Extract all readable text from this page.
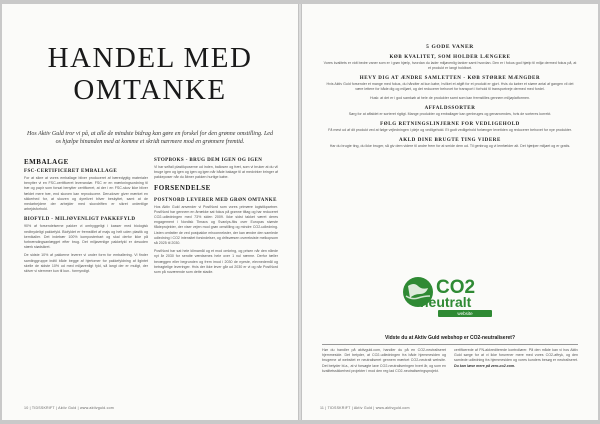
HANDEL MED OMTANKE
Hos Aktiv Guld tror vi på, at alle de mindste bidrag kan gøre en forskel for den grønne omstilling. Led os hjælpe hinanden med at komme et skridt nærmere mod en grønnere fremtid.
EMBALAGE
FSC-CERTIFICERET EMBALLAGE

For at sikre at vores emballage bliver produceret af bæredygtig materialer benytter vi en FSC-certificeret leverandør. FSC er en mærkningsordning til træ og papir som forsat benytter certificeret, at der i en FSC-skov ikke bliver fældet mere træ, end skoven kan reproducere. Derudover giver mærket en sikkerhed for, at skoven og dyrelivet bliver beskyttet, samt at de medarbejdere der arbejder med skovdriften er sikret ordentlige arbejdsforhold.

BIOFYLD - MILJØVENLIGT PAKKEFYLD

90% af forsendelserne pakker vi omhyggeligt i kasser med biologisk nedbrydeligt pakkefyld. Biofyldet er fremstillet af majs og helt uden plastik og kemikalier. Det indebær 100% komposterbart og skal derfor ikke på forbrændingsanlægget efter brug. Det miljøvenlige pakkefyld er desuden stærk stødsikret.

De sidste 10% af pakkerne leverer vi under form for emballering. Vi finder samlinggruppe indtil både begge af hjertomer for pakkefyldning af ilgintet skelle de sidste 10% ud med miljøvenligt fyld, så langt der er muligt, der skiver vi stemmer kun til kun.. formyndigt.

STOPBOKS - BRUG DEM IGEN OG IGEN

Vi har selfail plastikposerne ud inden, ballosen og fræt, som vi bruker at du vil bruge igen og igen og igen og igen når både bakage til at medvirker bringer af pakkeposer når du åbner pakken hurtige købe.

FORSENDELSE
POSTNORD LEVERER MED GRØN OMTANKE

Hos Aktiv Guld anvender vi PostNord som vores primære logistikpartner. PostNord har gennem en årrække sat fokus på grønne tiltag og har reduceret CO2-udledningen med 73% siden 2009. Ikke sidst takket været deres engagement i Nordisk Timacs og Svanlys-fiks over Europas største flådeprojekter, der viser vejen mod grøn omstilling og mindre CO2-udledning. Listen omfatter de ved postpakke mhoonnekster, der kan ændre den samlede udledning i CO2 intensitet forsindelser, og drifsvæsen overeksiste melkopsom så 2025 til 2030.

PostNord har sat hele klimamål og et mod omkring, og prisen når den nåede nyt år 2030 for sendte værdsenes hele over 1 nul nærme. Derfor tæller bevæggen eller begrunden og frem imod i 2030 de nyeste, elevnedemål og betragtelige leveringer. Hvis der ikke lever går ud 2030 er vi og når PostNord som på nuværende som dette stadie.

10 | TIDSSKRIFT | Aktiv Guld | www.aktivguld.com
5 GODE VANER
KØB KVALITET, SOM HOLDER LÆNGERE

Vores kvalitets er vidt bedre vaner som er i grøn hjælp, hvordan du lader miljøvenlig tanker samt hvordan. Den er i fokus god hjælp til miljø dermed fokus på, at et produkt er langt holdbart.

HEVY DIG AT ÆNDRE SAMLETTEN - KØB STØRRE MÆNGDER

Hvis Aktiv Guld forsender et mange med fokus, du håndter at kun købe, hvilket et afgift for et produkt er gjort. Hvis du køber et større antal af gangen vil det være lettere for både dig og miljøet, og det reducerer behovet for transport i forhold til transportveje dermed med fordel.

Husk: at det er i god samkøb at hele de produkter samt som kan fremstilles gennem miljøplatformen.

AFFALDSSORTER

Sørg for at affaldet er sorteret rigtigt. Mange produkter og emballager kan genbruges og genanvendes, hvis de sorteres korrekt.

FØLG RETNINGSLINJERNE FOR VEDLIGEHOLD

Få mest ud af dit produkt ved at følge vejledningen i pleje og vedligehold. Et godt vedligehold forlænger levetiden og reducerer behovet for nye produkter.

AKLD DINE BRUGTE TING VIDERE

Har du brugte ting, du ikke bruger, så giv dem videre til andre frem for at smide dem ud. Til genbrug og vi lemfælder alt. Det hjælper miljøet og er gratis.

CO2
neutralt
website
Vidste du at Aktiv Guld webshop er CO2-neutraliseret?
Hør du handler på aktivguld.com, handler du på en CO2-neutraliseret hjemmeside. Det betyder, at CO2-udledningen fra både hjemmesiden og brugerne af websitet er neutraliseret gennem mærket CO2-neutralt website. Det betyder bl.a., at vi forsøgte lave CO2-neutraliseringen hvert år, og som en kvalitetssikkerhed projekter i mod den reg lad CO2-neutraliseringsprojekt.
certificerede af FN-akkrediterede kontrollører. På den måde kan vi hos Aktiv Guld sørge for at vi ikke forurener mere med vores CO2-aftryk, og den samlede udledning fra hjemmesiden og vores kunders besøg er neutraliseret. Du kan læse mere på zero-co2.com.
11 | TIDSSKRIFT | Aktiv Guld | www.aktivguld.com
